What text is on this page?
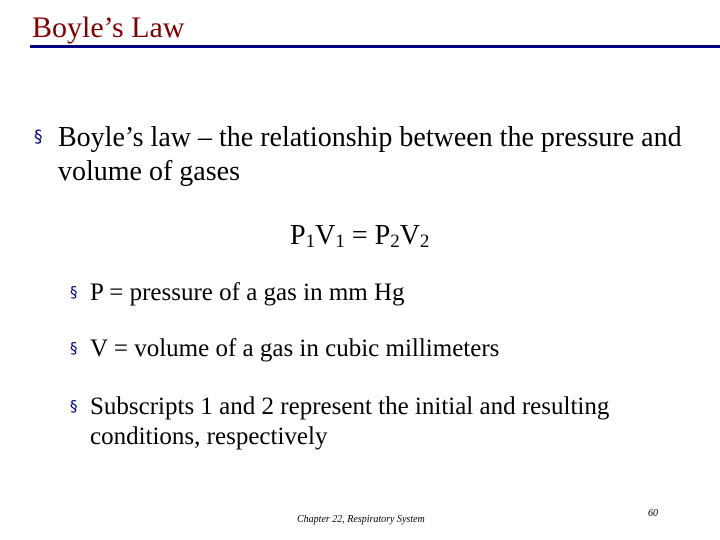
Boyle’s Law
§ Boyle’s law – the relationship between the pressure and volume of gases
$P_1V_1 = P_2V_2$
§ P = pressure of a gas in mm Hg
§ V = volume of a gas in cubic millimeters
§ Subscripts 1 and 2 represent the initial and resulting conditions, respectively
Chapter 22, Respiratory System
60
